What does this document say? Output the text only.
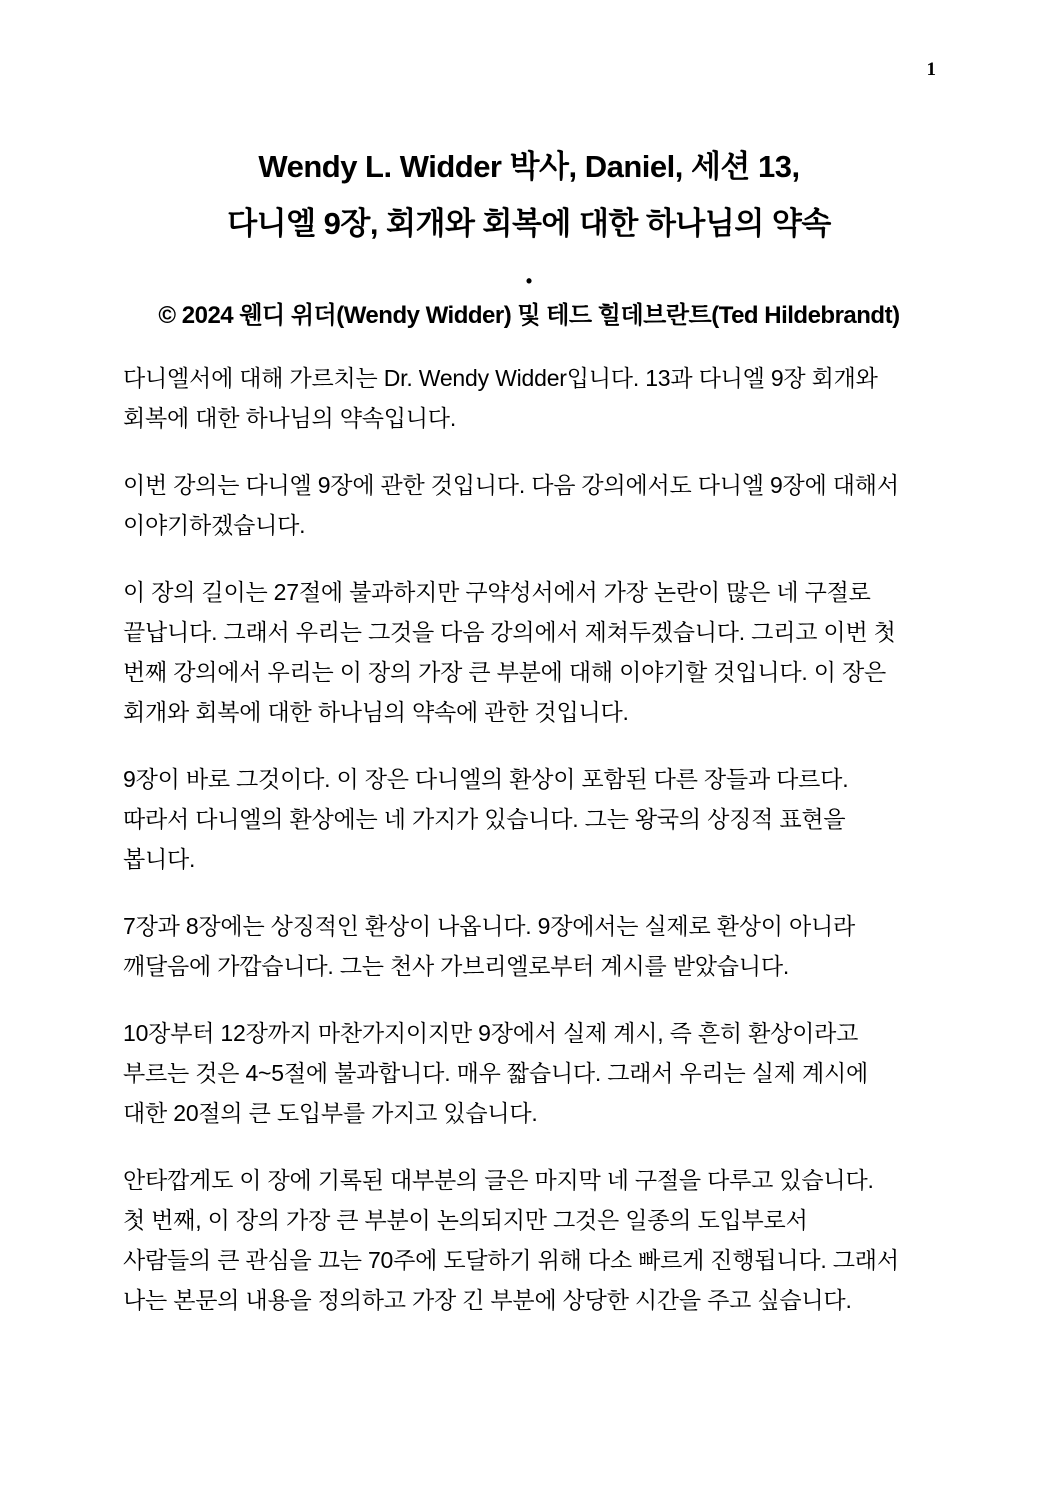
1
Wendy L. Widder 박사, Daniel, 세션 13,
다니엘 9장, 회개와 회복에 대한 하나님의 약속
•
© 2024 웬디 위더(Wendy Widder) 및 테드 힐데브란트(Ted Hildebrandt)

다니엘서에 대해 가르치는 Dr. Wendy Widder입니다. 13과 다니엘 9장 회개와
회복에 대한 하나님의 약속입니다.

이번 강의는 다니엘 9장에 관한 것입니다. 다음 강의에서도 다니엘 9장에 대해서
이야기하겠습니다.

이 장의 길이는 27절에 불과하지만 구약성서에서 가장 논란이 많은 네 구절로
끝납니다. 그래서 우리는 그것을 다음 강의에서 제쳐두겠습니다. 그리고 이번 첫
번째 강의에서 우리는 이 장의 가장 큰 부분에 대해 이야기할 것입니다. 이 장은
회개와 회복에 대한 하나님의 약속에 관한 것입니다.

9장이 바로 그것이다. 이 장은 다니엘의 환상이 포함된 다른 장들과 다르다.
따라서 다니엘의 환상에는 네 가지가 있습니다. 그는 왕국의 상징적 표현을
봅니다.

7장과 8장에는 상징적인 환상이 나옵니다. 9장에서는 실제로 환상이 아니라
깨달음에 가깝습니다. 그는 천사 가브리엘로부터 계시를 받았습니다.

10장부터 12장까지 마찬가지이지만 9장에서 실제 계시, 즉 흔히 환상이라고
부르는 것은 4~5절에 불과합니다. 매우 짧습니다. 그래서 우리는 실제 계시에
대한 20절의 큰 도입부를 가지고 있습니다.

안타깝게도 이 장에 기록된 대부분의 글은 마지막 네 구절을 다루고 있습니다.
첫 번째, 이 장의 가장 큰 부분이 논의되지만 그것은 일종의 도입부로서
사람들의 큰 관심을 끄는 70주에 도달하기 위해 다소 빠르게 진행됩니다. 그래서
나는 본문의 내용을 정의하고 가장 긴 부분에 상당한 시간을 주고 싶습니다.
